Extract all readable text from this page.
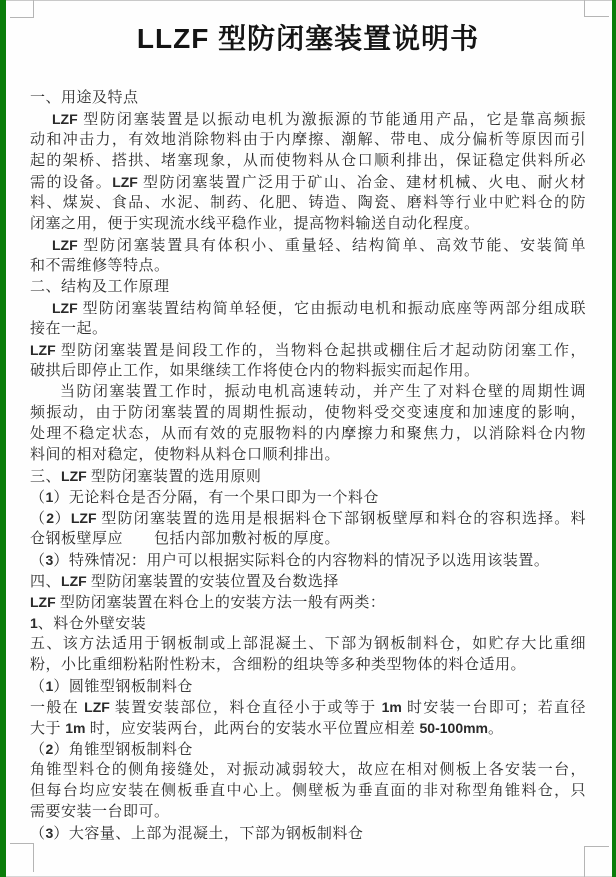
LLZF 型防闭塞装置说明书
一、用途及特点
LZF 型防闭塞装置是以振动电机为激振源的节能通用产品，它是靠高频振
动和冲击力，有效地消除物料由于内摩擦、潮解、带电、成分偏析等原因而引
起的架桥、搭拱、堵塞现象，从而使物料从仓口顺利排出，保证稳定供料所必
需的设备。LZF 型防闭塞装置广泛用于矿山、冶金、建材机械、火电、耐火材
料、煤炭、食品、水泥、制药、化肥、铸造、陶瓷、磨料等行业中贮料仓的防
闭塞之用，便于实现流水线平稳作业，提高物料输送自动化程度。
LZF 型防闭塞装置具有体积小、重量轻、结构简单、高效节能、安装简单
和不需维修等特点。
二、结构及工作原理
LZF 型防闭塞装置结构简单轻便，它由振动电机和振动底座等两部分组成联
接在一起。
LZF 型防闭塞装置是间段工作的，当物料仓起拱或棚住后才起动防闭塞工作，
破拱后即停止工作，如果继续工作将使仓内的物料振实而起作用。
当防闭塞装置工作时，振动电机高速转动，并产生了对料仓壁的周期性调
频振动，由于防闭塞装置的周期性振动，使物料受交变速度和加速度的影响，
处理不稳定状态，从而有效的克服物料的内摩擦力和聚焦力，以消除料仓内物
料间的相对稳定，使物料从料仓口顺利排出。
三、LZF 型防闭塞装置的选用原则
（1）无论料仓是否分隔，有一个果口即为一个料仓
（2）LZF 型防闭塞装置的选用是根据料仓下部钢板壁厚和料仓的容积选择。料
仓钢板壁厚应　　包括内部加敷衬板的厚度。
（3）特殊情况：用户可以根据实际料仓的内容物料的情况予以选用该装置。
四、LZF 型防闭塞装置的安装位置及台数选择
LZF 型防闭塞装置在料仓上的安装方法一般有两类：
1、料仓外壁安装
五、该方法适用于钢板制或上部混凝土、下部为钢板制料仓，如贮存大比重细
粉，小比重细粉粘附性粉末，含细粉的组块等多种类型物体的料仓适用。
（1）圆锥型钢板制料仓
一般在 LZF 装置安装部位，料仓直径小于或等于 1m 时安装一台即可；若直径
大于 1m 时，应安装两台，此两台的安装水平位置应相差 50-100mm。
（2）角锥型钢板制料仓
角锥型料仓的侧角接缝处，对振动减弱较大，故应在相对侧板上各安装一台，
但每台均应安装在侧板垂直中心上。侧壁板为垂直面的非对称型角锥料仓，只
需要安装一台即可。
（3）大容量、上部为混凝土，下部为钢板制料仓
